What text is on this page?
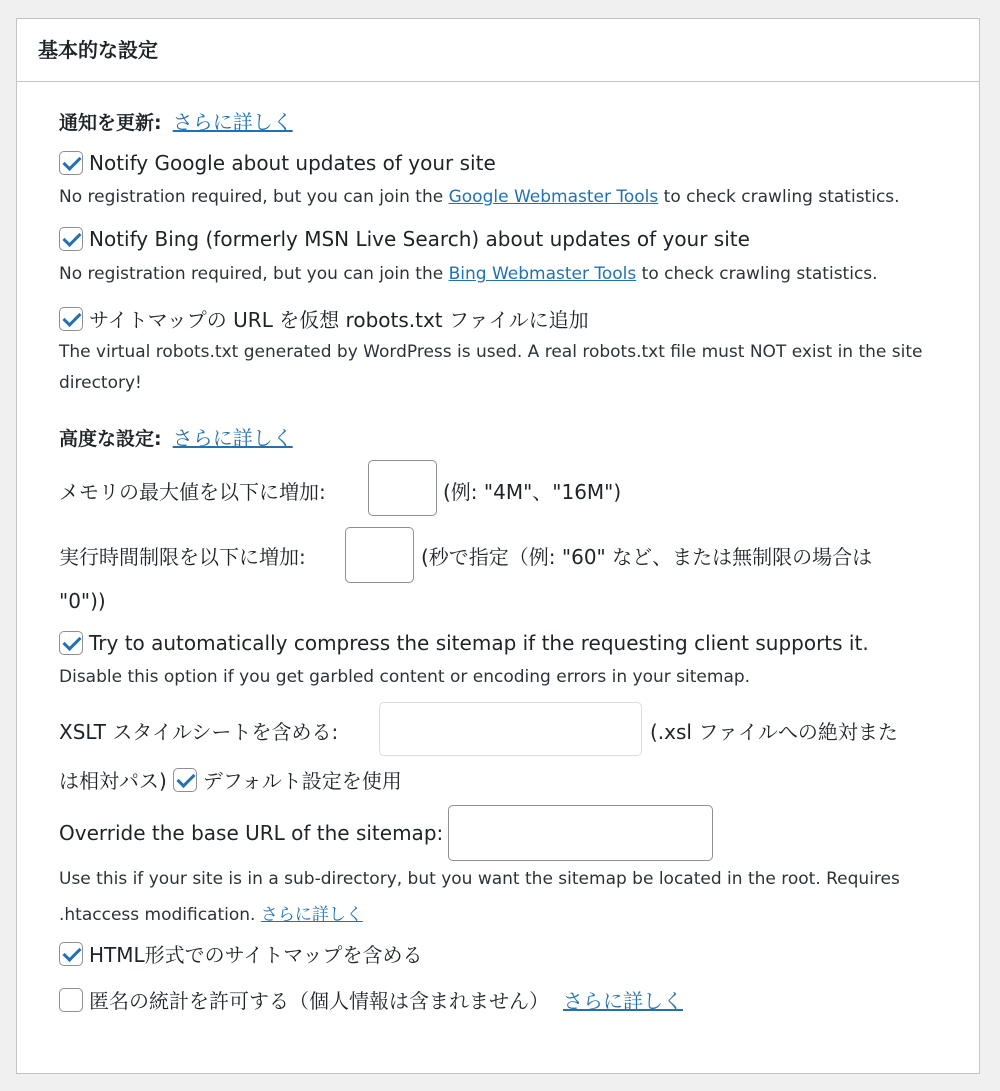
基本的な設定
通知を更新: さらに詳しく
Notify Google about updates of your site
No registration required, but you can join the Google Webmaster Tools to check crawling statistics.
Notify Bing (formerly MSN Live Search) about updates of your site
No registration required, but you can join the Bing Webmaster Tools to check crawling statistics.
サイトマップの URL を仮想 robots.txt ファイルに追加
The virtual robots.txt generated by WordPress is used. A real robots.txt file must NOT exist in the site
directory!
高度な設定: さらに詳しく
メモリの最大値を以下に増加:	(例: "4M"、"16M")
実行時間制限を以下に増加:	(秒で指定（例: "60" など、または無制限の場合は
"0"))
Try to automatically compress the sitemap if the requesting client supports it.
Disable this option if you get garbled content or encoding errors in your sitemap.
XSLT スタイルシートを含める:	(.xsl ファイルへの絶対また
は相対パス) デフォルト設定を使用
Override the base URL of the sitemap:
Use this if your site is in a sub-directory, but you want the sitemap be located in the root. Requires
.htaccess modification. さらに詳しく
HTML形式でのサイトマップを含める
匿名の統計を許可する（個人情報は含まれません） さらに詳しく
